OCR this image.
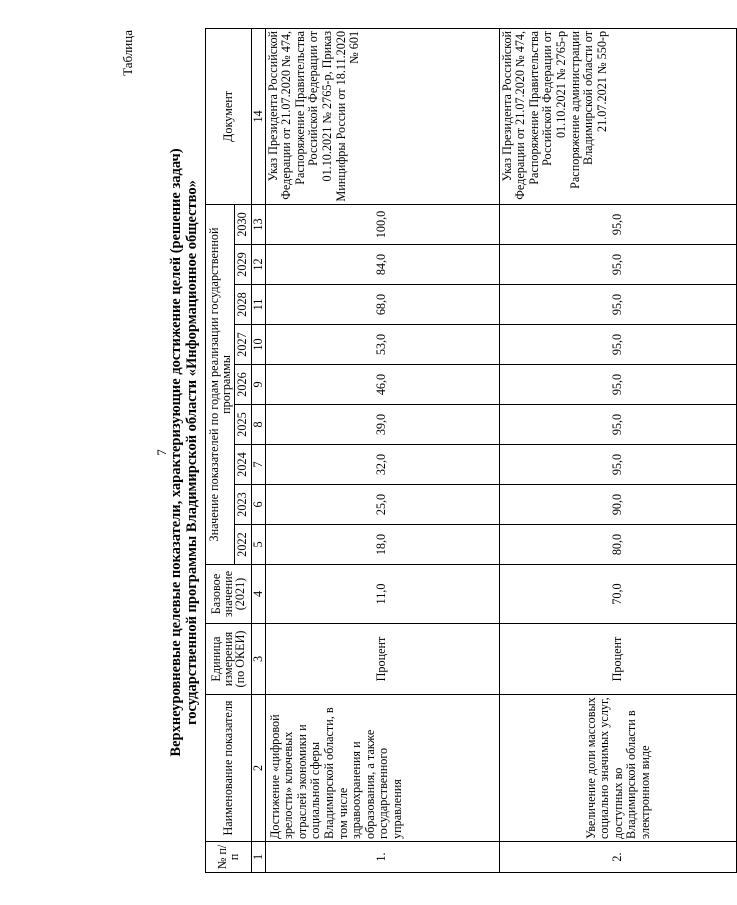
7
Таблица
Верхнеуровневые целевые показатели, характеризующие достижение целей (решение задач) государственной программы Владимирской области «Информационное общество»
№ п/п	Наименование показателя	Единица измерения (по ОКЕИ)	Базовое значение (2021)	Значение показателей по годам реализации государственной программы									Документ
				2022	2023	2024	2025	2026	2027	2028	2029	2030	
1	2	3	4	5	6	7	8	9	10	11	12	13	14
1.	Достижение «цифровой зрелости» ключевых отраслей экономики и социальной сферы Владимирской области, в том числе здравоохранения и образования, а также государственного управления	Процент	11,0	18,0	25,0	32,0	39,0	46,0	53,0	68,0	84,0	100,0	Указ Президента Российской Федерации от 21.07.2020 № 474, Распоряжение Правительства Российской Федерации от 01.10.2021 № 2765-р, Приказ Минцифры России от 18.11.2020 № 601
2.	Увеличение доли массовых социально значимых услуг, доступных во Владимирской области в электронном виде	Процент	70,0	80,0	90,0	95,0	95,0	95,0	95,0	95,0	95,0	95,0	Указ Президента Российской Федерации от 21.07.2020 № 474, Распоряжение Правительства Российской Федерации от 01.10.2021 № 2765-р Распоряжение администрации Владимирской области от 21.07.2021 № 550-р
